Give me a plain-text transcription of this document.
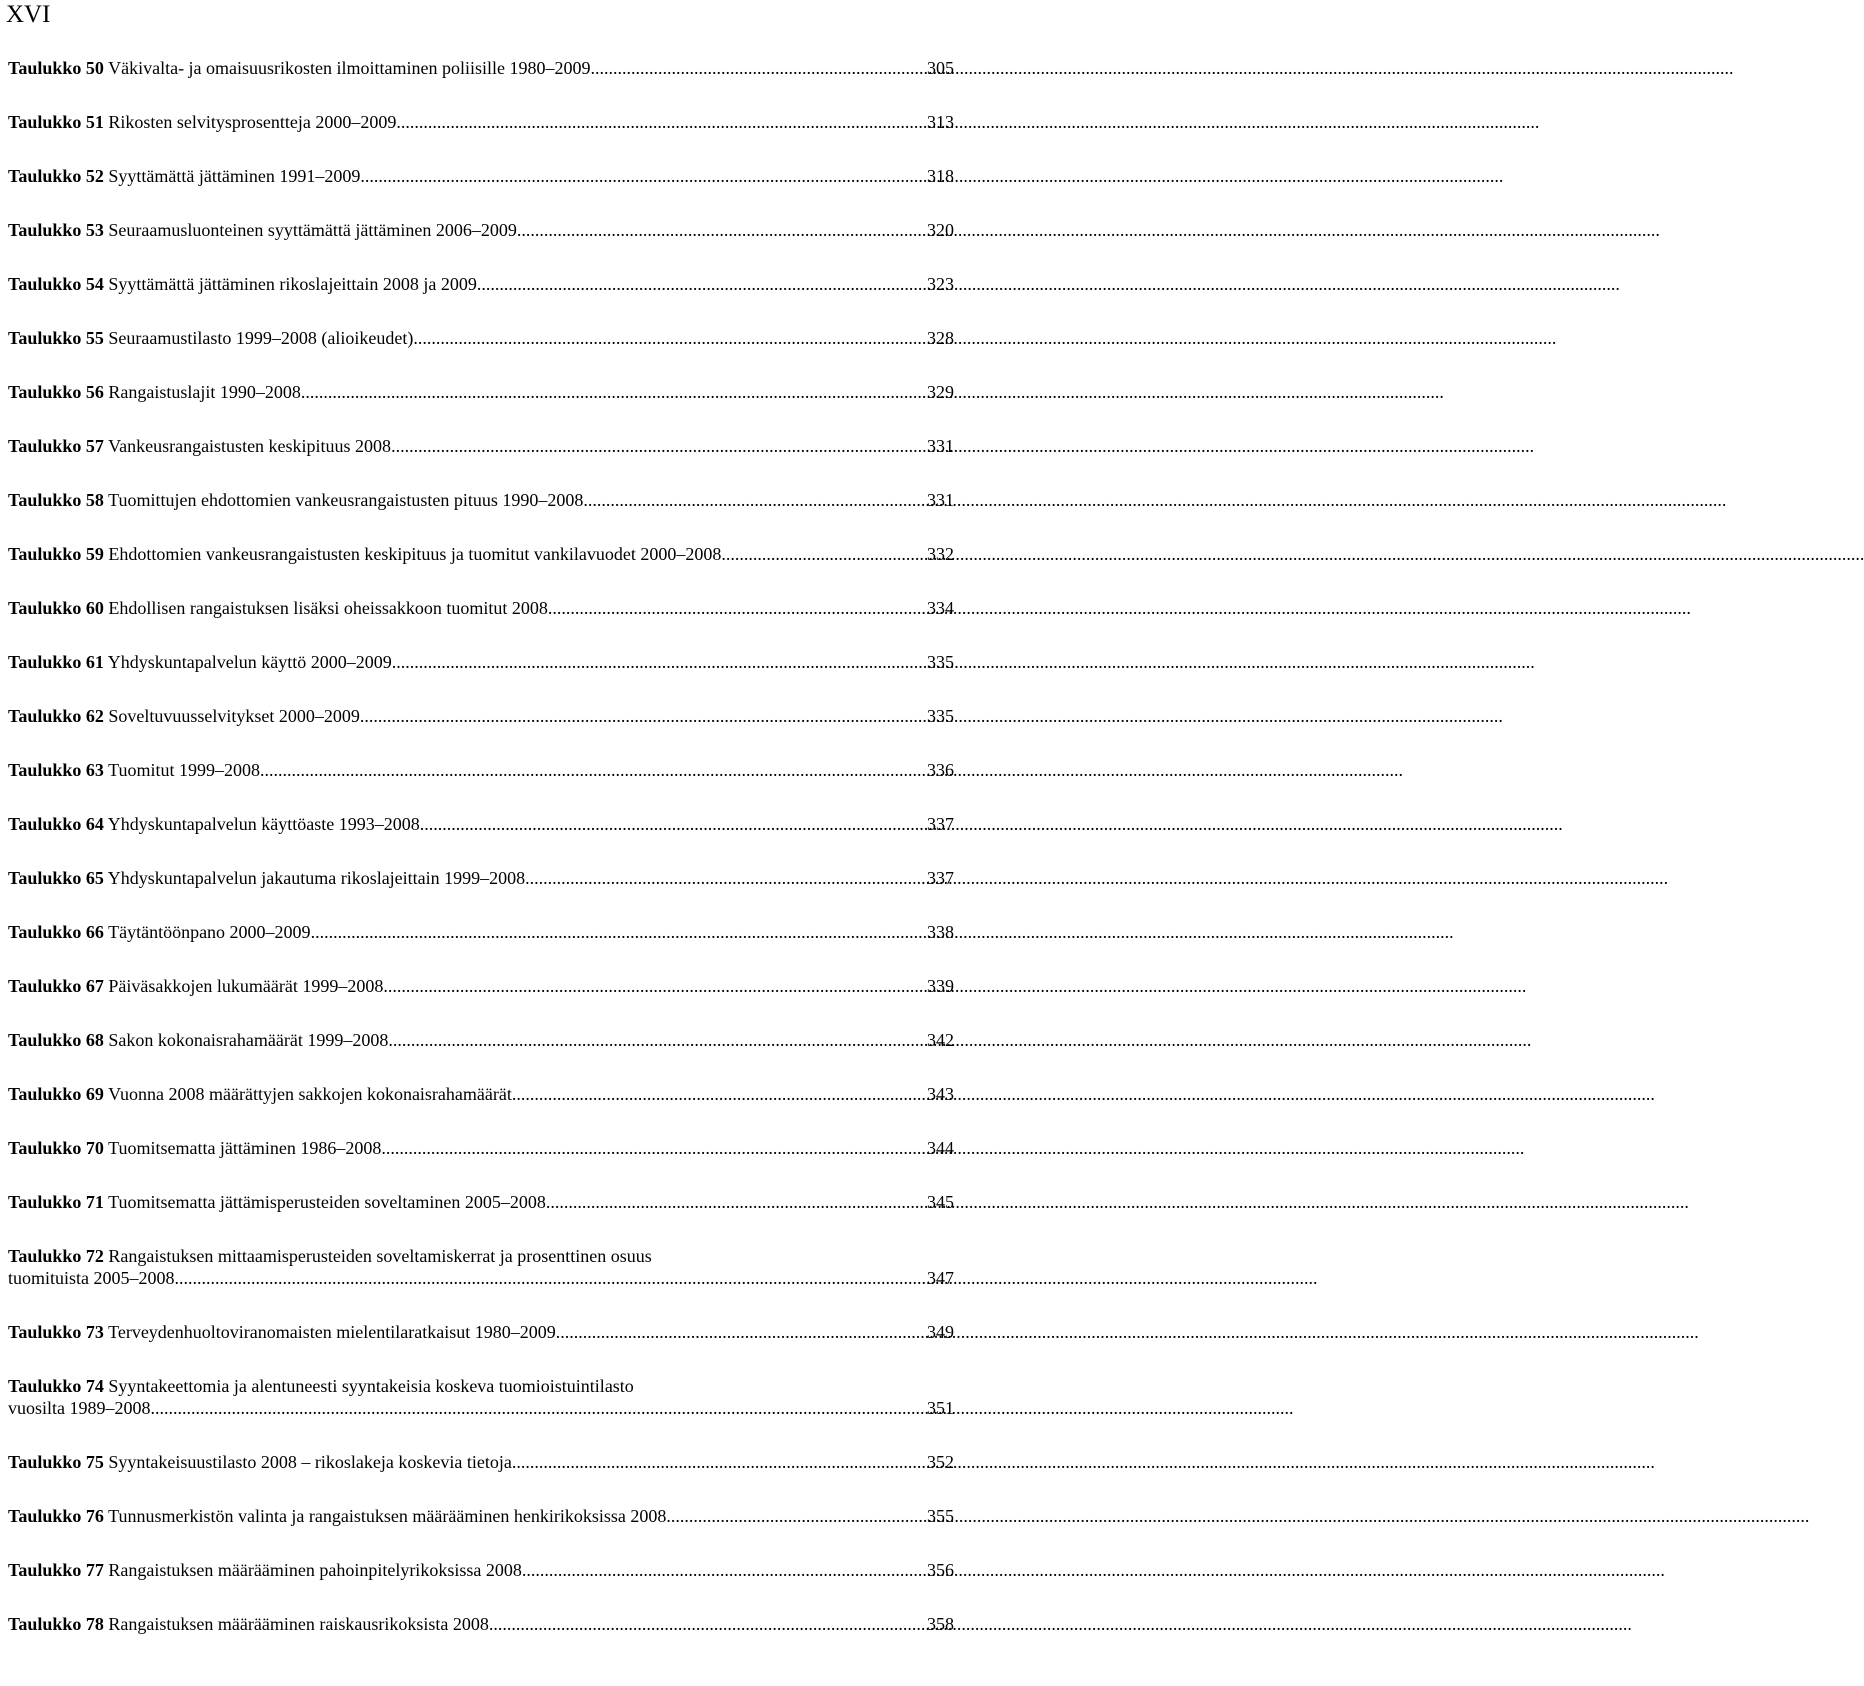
XVI
Taulukko 50 Väkivalta- ja omaisuusrikosten ilmoittaminen poliisille 1980–2009 .....	305
Taulukko 51 Rikosten selvitysprosentteja 2000–2009 .....	313
Taulukko 52 Syyttämättä jättäminen 1991–2009 .....	318
Taulukko 53 Seuraamusluonteinen syyttämättä jättäminen 2006–2009 .....	320
Taulukko 54 Syyttämättä jättäminen rikoslajeittain 2008 ja 2009 .....	323
Taulukko 55 Seuraamustilasto 1999–2008 (alioikeudet) .....	328
Taulukko 56 Rangaistuslajit 1990–2008 .....	329
Taulukko 57 Vankeusrangaistusten keskipituus 2008 .....	331
Taulukko 58 Tuomittujen ehdottomien vankeusrangaistusten pituus 1990–2008 .....	331
Taulukko 59 Ehdottomien vankeusrangaistusten keskipituus ja tuomitut vankilavuodet 2000–2008 .....	332
Taulukko 60 Ehdollisen rangaistuksen lisäksi oheissakkoon tuomitut 2008 .....	334
Taulukko 61 Yhdyskuntapalvelun käyttö 2000–2009 .....	335
Taulukko 62 Soveltuvuusselvitykset 2000–2009 .....	335
Taulukko 63 Tuomitut 1999–2008 .....	336
Taulukko 64 Yhdyskuntapalvelun käyttöaste 1993–2008 .....	337
Taulukko 65 Yhdyskuntapalvelun jakautuma rikoslajeittain 1999–2008 .....	337
Taulukko 66 Täytäntöönpano 2000–2009 .....	338
Taulukko 67 Päiväsakkojen lukumäärät 1999–2008 .....	339
Taulukko 68 Sakon kokonaisrahamäärät 1999–2008 .....	342
Taulukko 69 Vuonna 2008 määrättyjen sakkojen kokonaisrahamäärät .....	343
Taulukko 70 Tuomitsematta jättäminen 1986–2008 .....	344
Taulukko 71 Tuomitsematta jättämisperusteiden soveltaminen 2005–2008 .....	345
Taulukko 72 Rangaistuksen mittaamisperusteiden soveltamiskerrat ja prosenttinen osuus
tuomituista 2005–2008 .....	347
Taulukko 73 Terveydenhuoltoviranomaisten mielentilaratkaisut 1980–2009 .....	349
Taulukko 74 Syyntakeettomia ja alentuneesti syyntakeisia koskeva tuomioistuintilasto
vuosilta 1989–2008 .....	351
Taulukko 75 Syyntakeisuustilasto 2008 – rikoslakeja koskevia tietoja .....	352
Taulukko 76 Tunnusmerkistön valinta ja rangaistuksen määrääminen henkirikoksissa 2008 .....	355
Taulukko 77 Rangaistuksen määrääminen pahoinpitelyrikoksissa 2008 .....	356
Taulukko 78 Rangaistuksen määrääminen raiskausrikoksista 2008 .....	358
